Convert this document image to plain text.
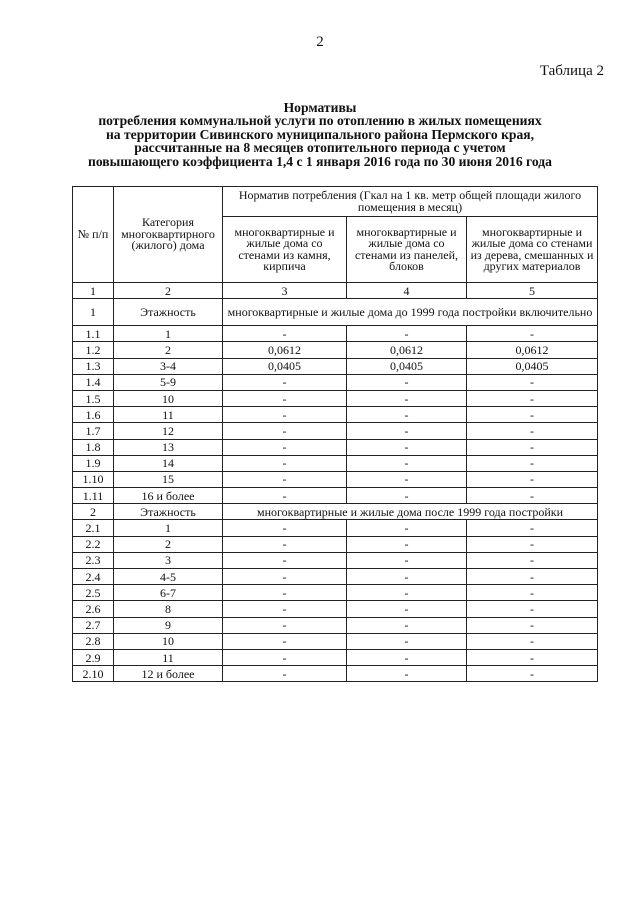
2
Таблица 2
Нормативы
потребления коммунальной услуги по отоплению в жилых помещениях
на территории Сивинского муниципального района Пермского края,
рассчитанные на 8 месяцев отопительного периода с учетом
повышающего коэффициента 1,4 с 1 января 2016 года по 30 июня 2016 года
№ п/п	Категория многоквартирного (жилого) дома	Норматив потребления (Гкал на 1 кв. метр общей площади жилого помещения в месяц)		
		многоквартирные и жилые дома со стенами из камня, кирпича	многоквартирные и жилые дома со стенами из панелей, блоков	многоквартирные и жилые дома со стенами из дерева, смешанных и других материалов
1	2	3	4	5
1	Этажность	многоквартирные и жилые дома до 1999 года постройки включительно		
1.1	1	-	-	-
1.2	2	0,0612	0,0612	0,0612
1.3	3-4	0,0405	0,0405	0,0405
1.4	5-9	-	-	-
1.5	10	-	-	-
1.6	11	-	-	-
1.7	12	-	-	-
1.8	13	-	-	-
1.9	14	-	-	-
1.10	15	-	-	-
1.11	16 и более	-	-	-
2	Этажность	многоквартирные и жилые дома после 1999 года постройки		
2.1	1	-	-	-
2.2	2	-	-	-
2.3	3	-	-	-
2.4	4-5	-	-	-
2.5	6-7	-	-	-
2.6	8	-	-	-
2.7	9	-	-	-
2.8	10	-	-	-
2.9	11	-	-	-
2.10	12 и более	-	-	-
